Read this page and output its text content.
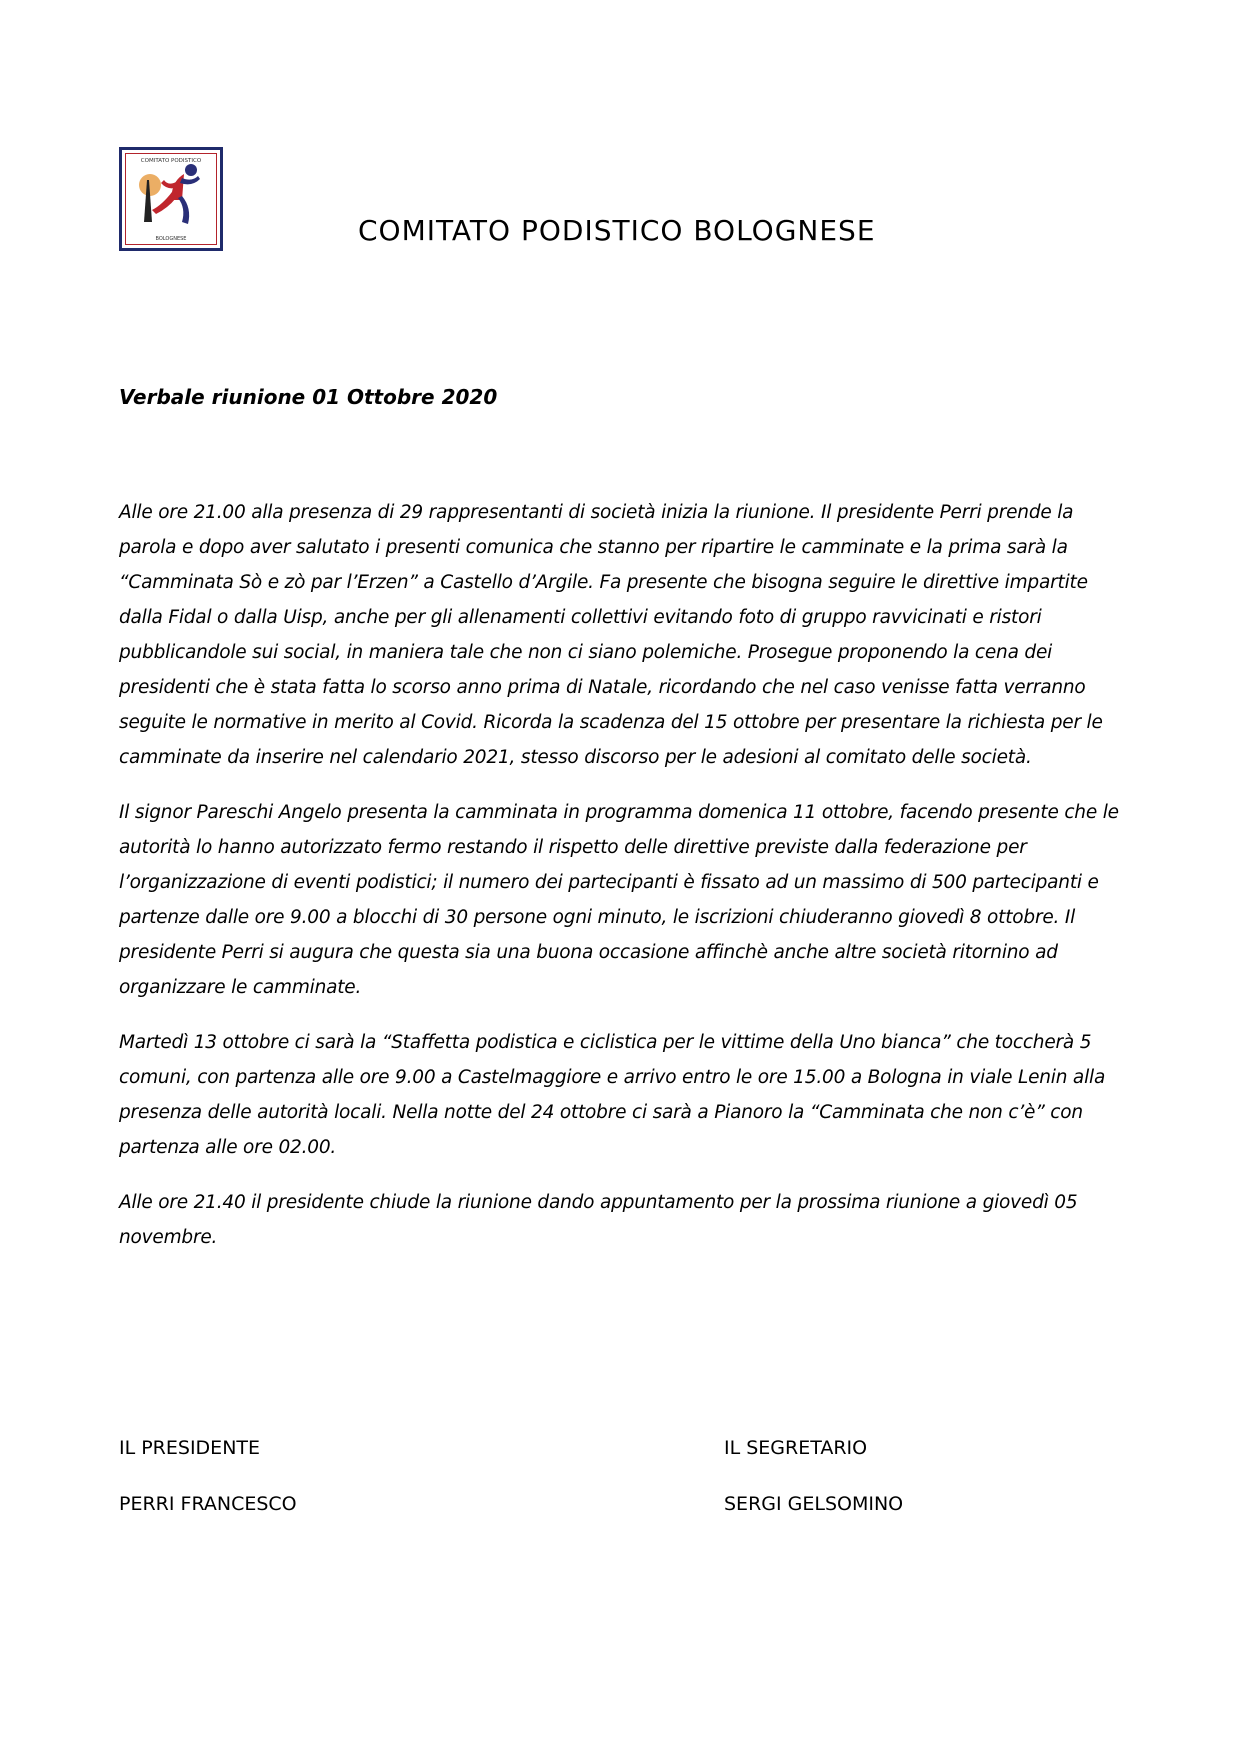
COMITATO PODISTICO
BOLOGNESE	COMITATO PODISTICO BOLOGNESE
Verbale riunione 01 Ottobre 2020

Alle ore 21.00 alla presenza di 29 rappresentanti di società inizia la riunione. Il presidente Perri prende la parola e dopo aver salutato i presenti comunica che stanno per ripartire le camminate e la prima sarà la “Camminata Sò e zò par l’Erzen” a Castello d’Argile. Fa presente che bisogna seguire le direttive impartite dalla Fidal o dalla Uisp, anche per gli allenamenti collettivi evitando foto di gruppo ravvicinati e ristori pubblicandole sui social, in maniera tale che non ci siano polemiche. Prosegue proponendo la cena dei presidenti che è stata fatta lo scorso anno prima di Natale, ricordando che nel caso venisse fatta verranno seguite le normative in merito al Covid. Ricorda la scadenza del 15 ottobre per presentare la richiesta per le camminate da inserire nel calendario 2021, stesso discorso per le adesioni al comitato delle società.

Il signor Pareschi Angelo presenta la camminata in programma domenica 11 ottobre, facendo presente che le autorità lo hanno autorizzato fermo restando il rispetto delle direttive previste dalla federazione per l’organizzazione di eventi podistici; il numero dei partecipanti è fissato ad un massimo di 500 partecipanti e partenze dalle ore 9.00 a blocchi di 30 persone ogni minuto, le iscrizioni chiuderanno giovedì 8 ottobre. Il presidente Perri si augura che questa sia una buona occasione affinchè anche altre società ritornino ad organizzare le camminate.

Martedì 13 ottobre ci sarà la “Staffetta podistica e ciclistica per le vittime della Uno bianca” che toccherà 5 comuni, con partenza alle ore 9.00 a Castelmaggiore e arrivo entro le ore 15.00 a Bologna in viale Lenin alla presenza delle autorità locali. Nella notte del 24 ottobre ci sarà a Pianoro la “Camminata che non c’è” con partenza alle ore 02.00.

Alle ore 21.40 il presidente chiude la riunione dando appuntamento per la prossima riunione a giovedì 05 novembre.

IL PRESIDENTE

PERRI FRANCESCO

IL SEGRETARIO

SERGI GELSOMINO
